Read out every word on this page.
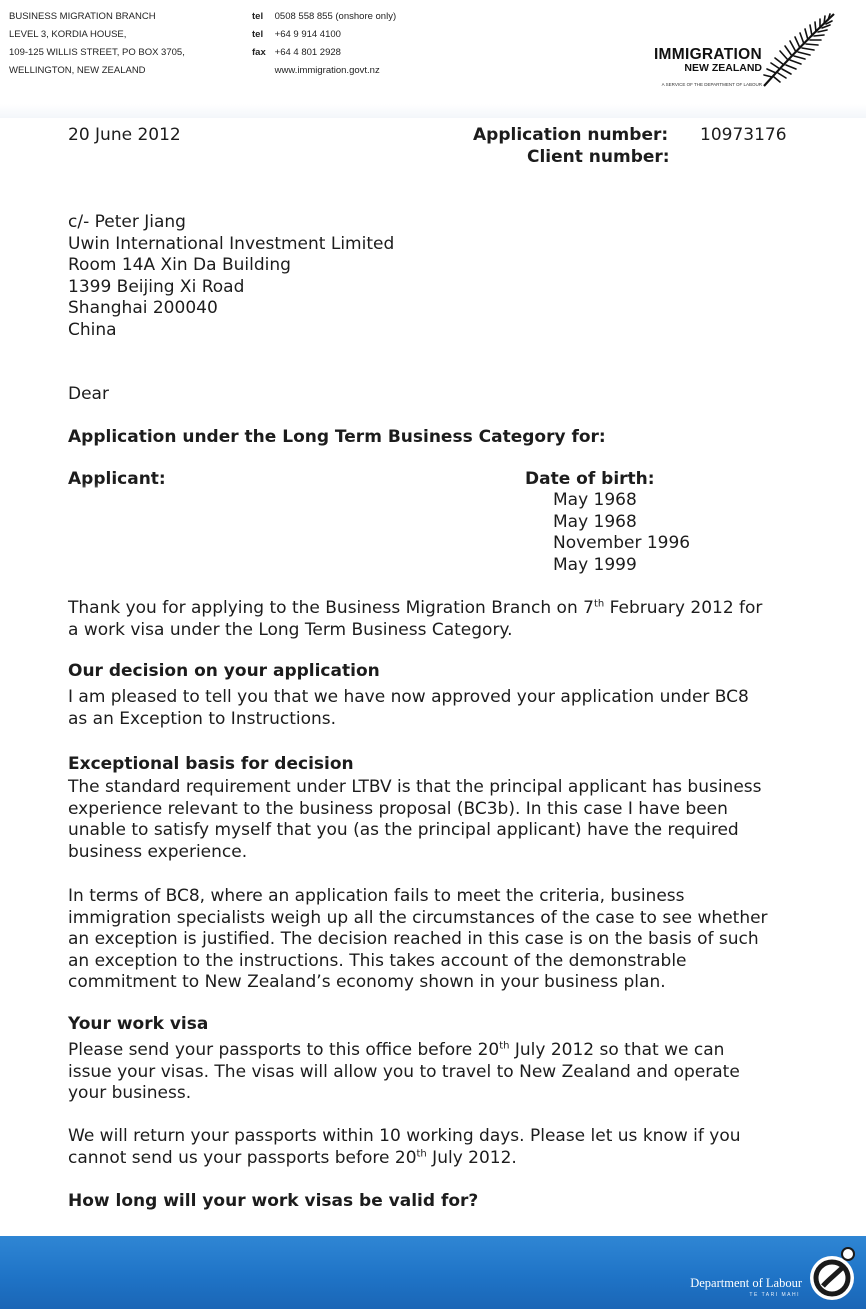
BUSINESS MIGRATION BRANCH
LEVEL 3, KORDIA HOUSE,
109-125 WILLIS STREET, PO BOX 3705,
WELLINGTON, NEW ZEALAND
tel 0508 558 855 (onshore only)
tel +64 9 914 4100
fax +64 4 801 2928
www.immigration.govt.nz
IMMIGRATION
NEW ZEALAND
A SERVICE OF THE DEPARTMENT OF LABOUR
20 June 2012	Application number: 10973176
Client number:
c/- Peter Jiang
Uwin International Investment Limited
Room 14A Xin Da Building
1399 Beijing Xi Road
Shanghai 200040
China
Dear
Application under the Long Term Business Category for:
Applicant:	Date of birth:
May 1968
May 1968
November 1996
May 1999
Thank you for applying to the Business Migration Branch on 7th February 2012 for
a work visa under the Long Term Business Category.
Our decision on your application
I am pleased to tell you that we have now approved your application under BC8
as an Exception to Instructions.
Exceptional basis for decision
The standard requirement under LTBV is that the principal applicant has business
experience relevant to the business proposal (BC3b). In this case I have been
unable to satisfy myself that you (as the principal applicant) have the required
business experience.
In terms of BC8, where an application fails to meet the criteria, business
immigration specialists weigh up all the circumstances of the case to see whether
an exception is justified. The decision reached in this case is on the basis of such
an exception to the instructions. This takes account of the demonstrable
commitment to New Zealand’s economy shown in your business plan.
Your work visa
Please send your passports to this office before 20th July 2012 so that we can
issue your visas. The visas will allow you to travel to New Zealand and operate
your business.
We will return your passports within 10 working days. Please let us know if you
cannot send us your passports before 20th July 2012.
How long will your work visas be valid for?
Department of Labour
TE TARI MAHI
